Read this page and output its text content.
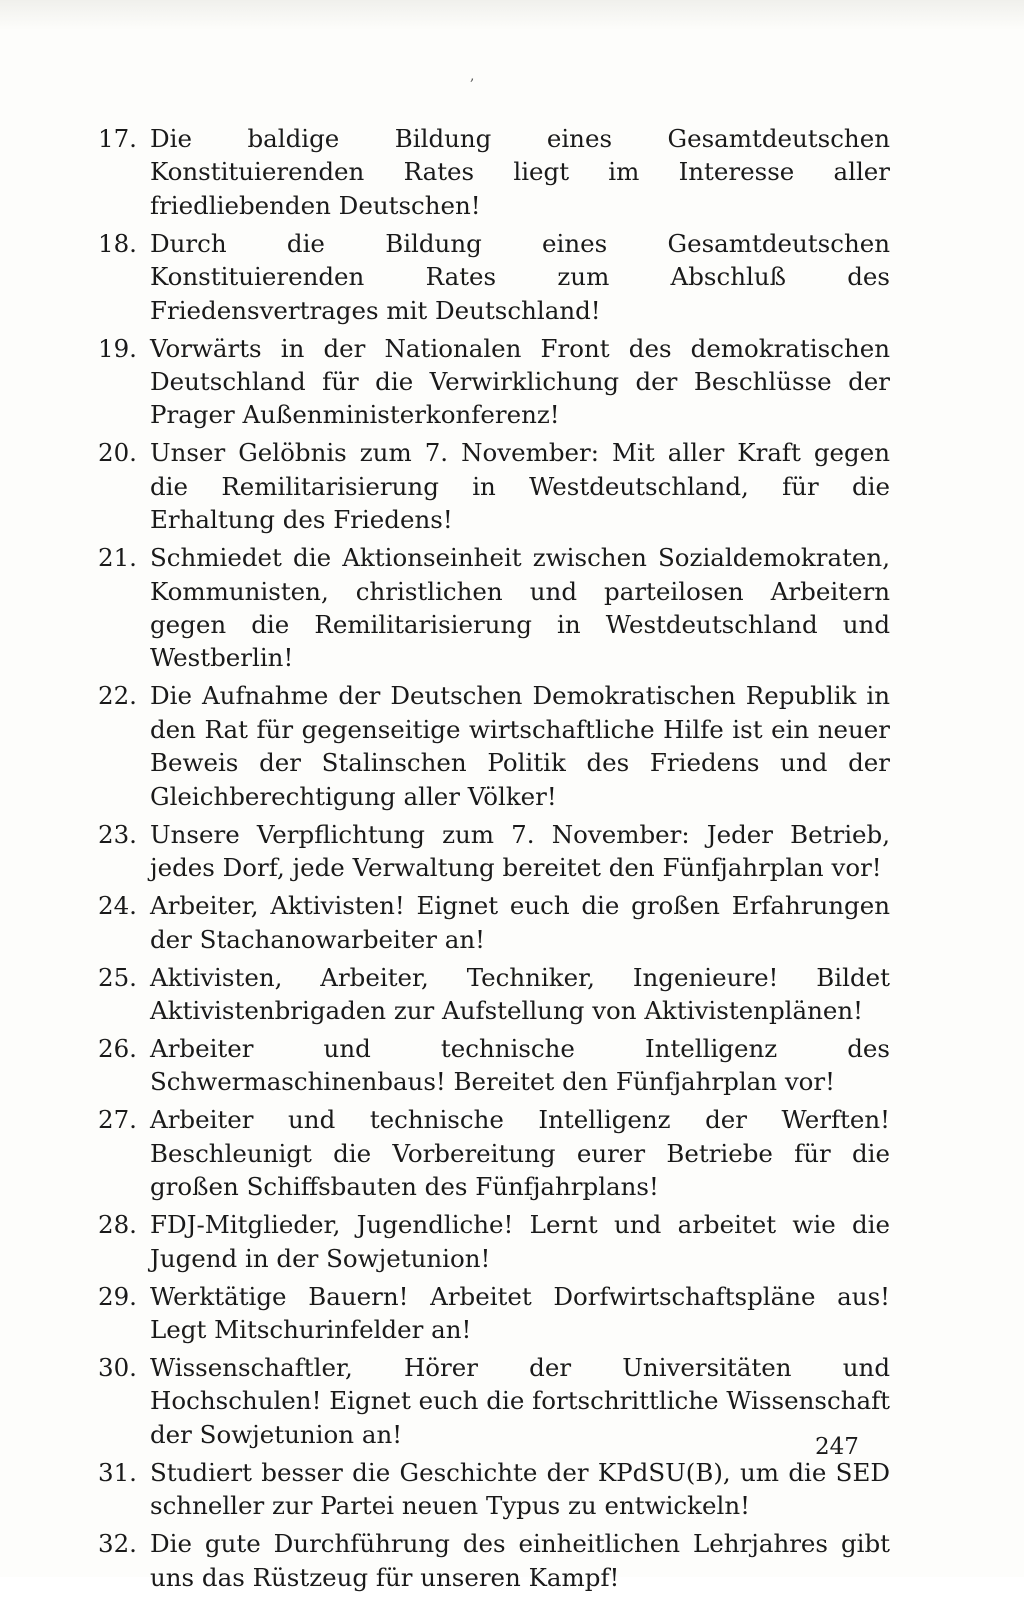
,
17. Die baldige Bildung eines Gesamtdeutschen Konstituierenden Rates liegt im Interesse aller friedliebenden Deutschen!
18. Durch die Bildung eines Gesamtdeutschen Konstituierenden Rates zum Abschluß des Friedensvertrages mit Deutschland!
19. Vorwärts in der Nationalen Front des demokratischen Deutschland für die Verwirklichung der Beschlüsse der Prager Außenministerkonferenz!
20. Unser Gelöbnis zum 7. November: Mit aller Kraft gegen die Remilitarisierung in Westdeutschland, für die Erhaltung des Friedens!
21. Schmiedet die Aktionseinheit zwischen Sozialdemokraten, Kommunisten, christlichen und parteilosen Arbeitern gegen die Remilitarisierung in Westdeutschland und Westberlin!
22. Die Aufnahme der Deutschen Demokratischen Republik in den Rat für gegenseitige wirtschaftliche Hilfe ist ein neuer Beweis der Stalinschen Politik des Friedens und der Gleichberechtigung aller Völker!
23. Unsere Verpflichtung zum 7. November: Jeder Betrieb, jedes Dorf, jede Verwaltung bereitet den Fünfjahrplan vor!
24. Arbeiter, Aktivisten! Eignet euch die großen Erfahrungen der Stachanowarbeiter an!
25. Aktivisten, Arbeiter, Techniker, Ingenieure! Bildet Aktivistenbrigaden zur Aufstellung von Aktivistenplänen!
26. Arbeiter und technische Intelligenz des Schwermaschinenbaus! Bereitet den Fünfjahrplan vor!
27. Arbeiter und technische Intelligenz der Werften! Beschleunigt die Vorbereitung eurer Betriebe für die großen Schiffsbauten des Fünfjahrplans!
28. FDJ-Mitglieder, Jugendliche! Lernt und arbeitet wie die Jugend in der Sowjetunion!
29. Werktätige Bauern! Arbeitet Dorfwirtschaftspläne aus! Legt Mitschurinfelder an!
30. Wissenschaftler, Hörer der Universitäten und Hochschulen! Eignet euch die fortschrittliche Wissenschaft der Sowjetunion an!
31. Studiert besser die Geschichte der KPdSU(B), um die SED schneller zur Partei neuen Typus zu entwickeln!
32. Die gute Durchführung des einheitlichen Lehrjahres gibt uns das Rüstzeug für unseren Kampf!
247
